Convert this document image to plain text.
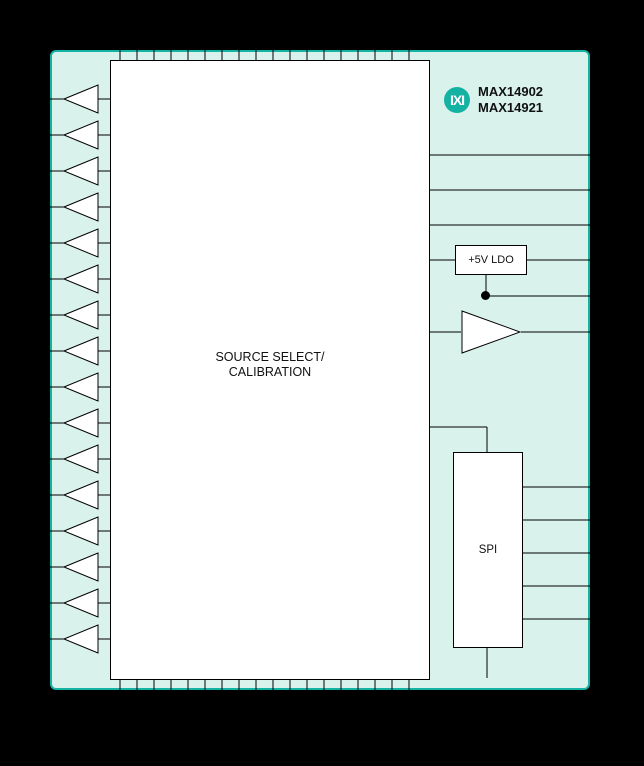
SOURCE SELECT/
CALIBRATION
+5V LDO
SPI
IXI
MAX14902
MAX14921
